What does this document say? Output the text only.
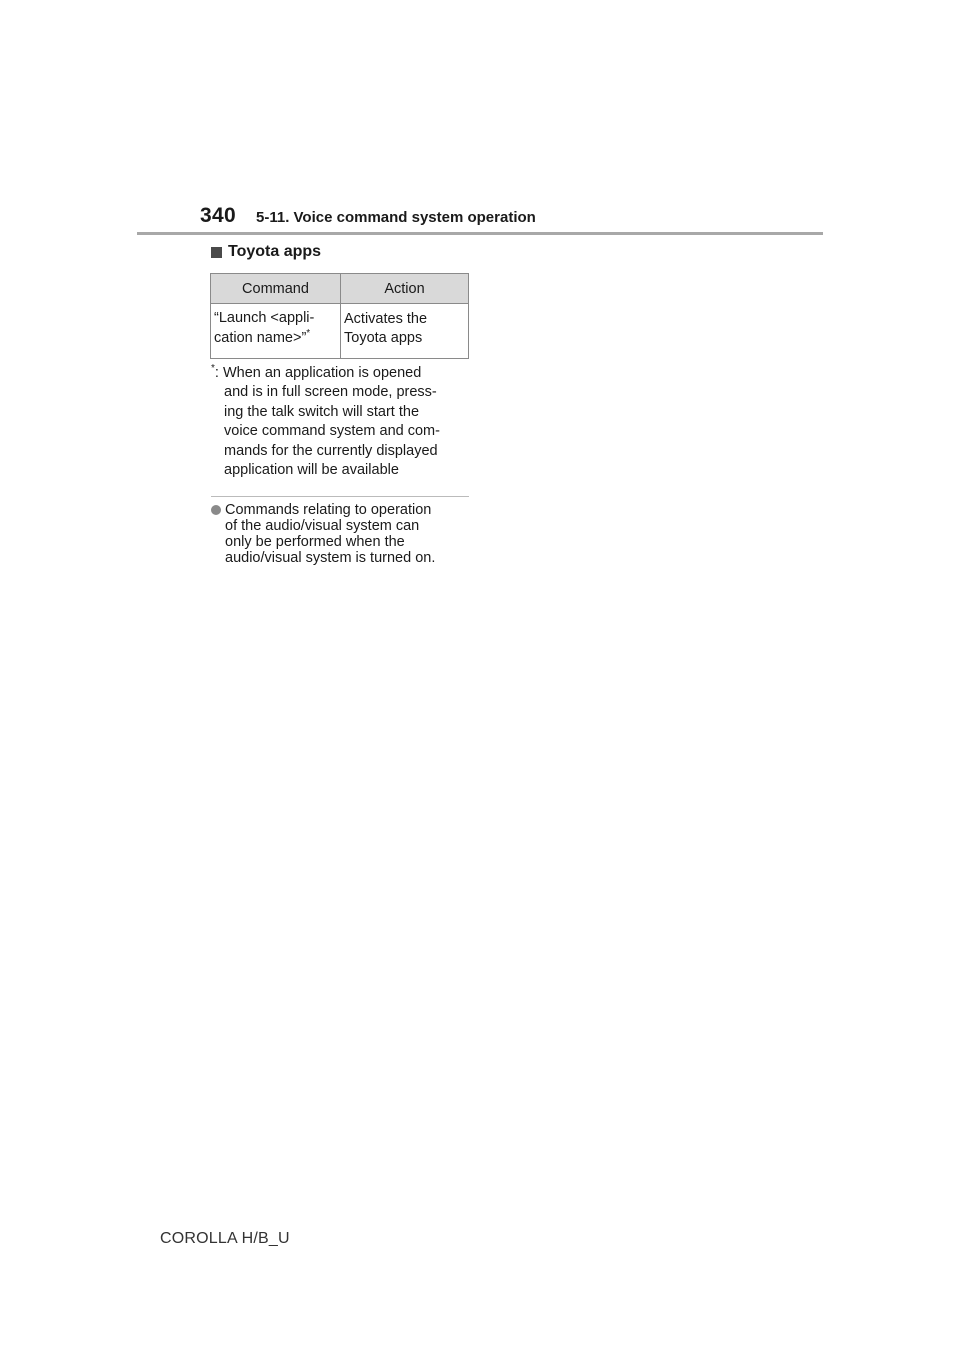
340 5-11. Voice command system operation
Toyota apps
Command	Action
“Launch <appli-
cation name>”*	Activates the
Toyota apps
*: When an application is opened
and is in full screen mode, press-
ing the talk switch will start the
voice command system and com-
mands for the currently displayed
application will be available
Commands relating to operation
of the audio/visual system can
only be performed when the
audio/visual system is turned on.
COROLLA H/B_U
